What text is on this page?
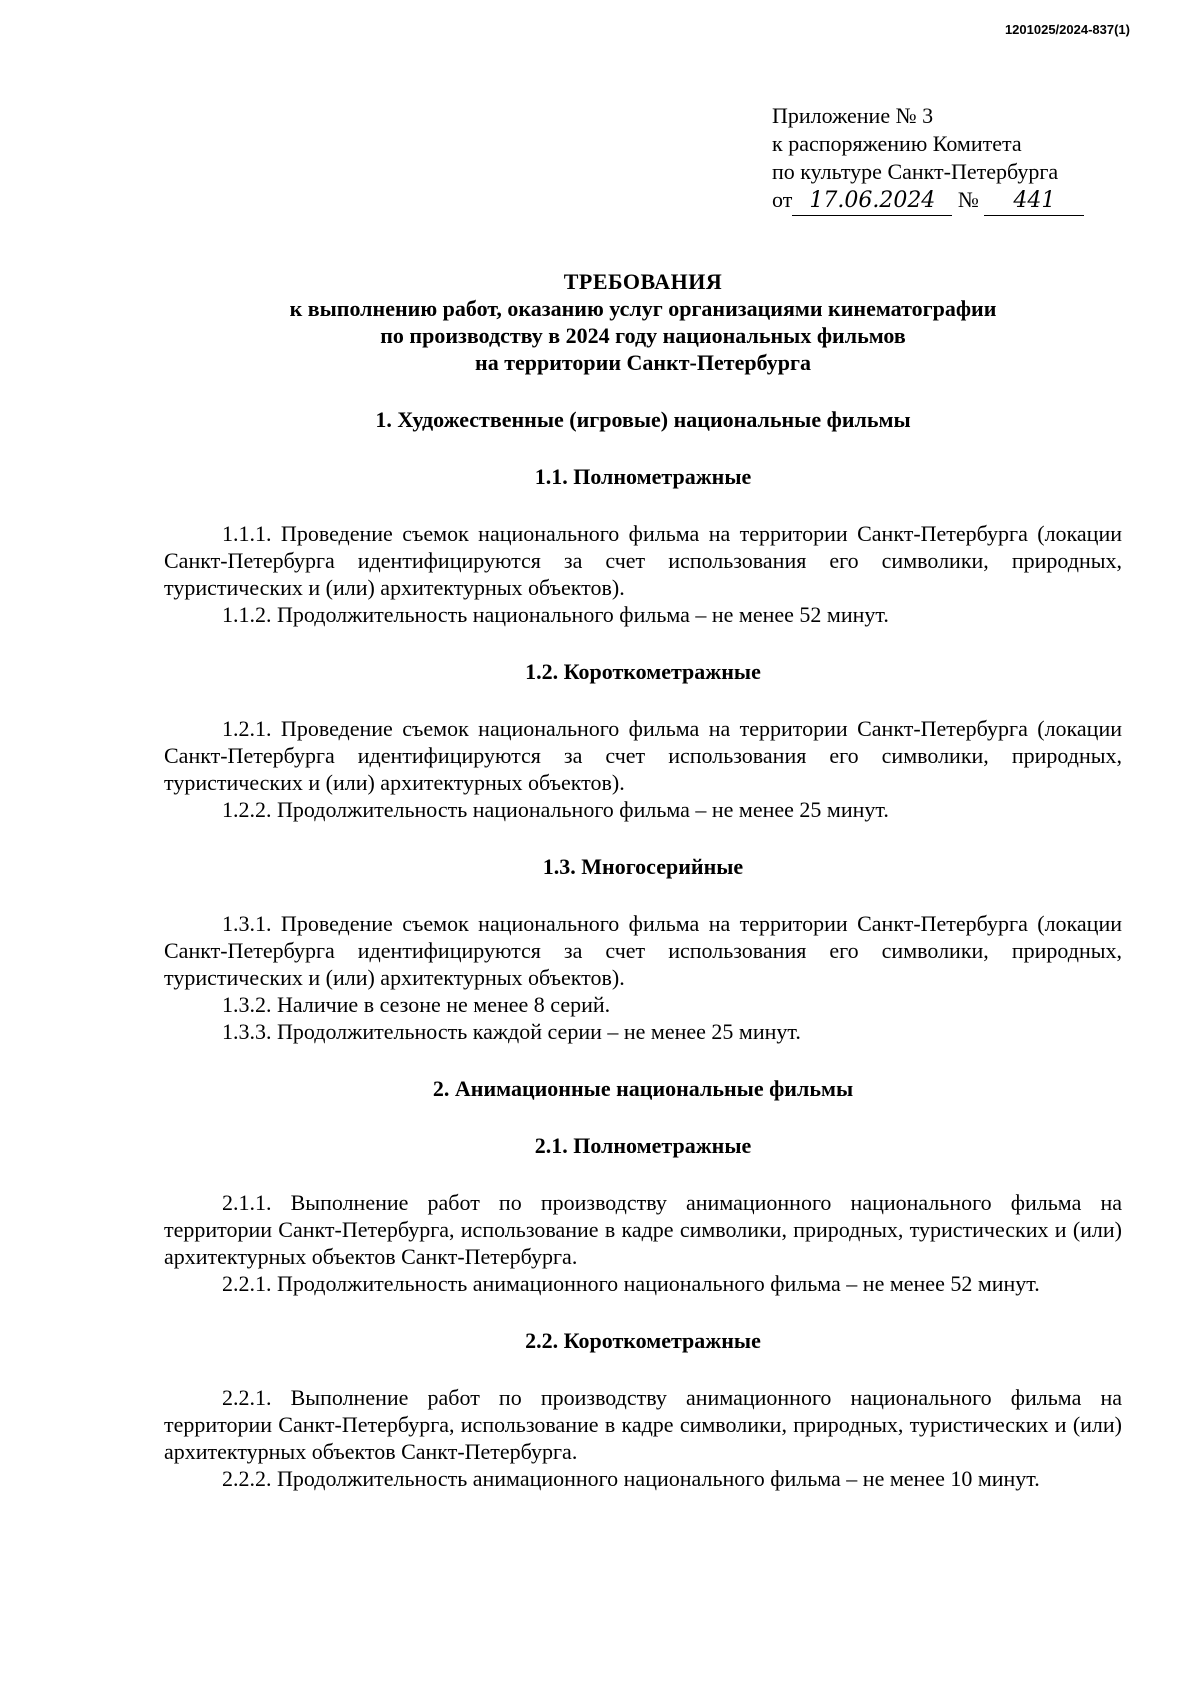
1201025/2024-837(1)
Приложение № 3
к распоряжению Комитета
по культуре Санкт-Петербурга
от 17.06.2024 № 441
ТРЕБОВАНИЯ
к выполнению работ, оказанию услуг организациями кинематографии
по производству в 2024 году национальных фильмов
на территории Санкт-Петербурга
1. Художественные (игровые) национальные фильмы
1.1. Полнометражные

1.1.1. Проведение съемок национального фильма на территории Санкт-Петербурга (локации Санкт-Петербурга идентифицируются за счет использования его символики, природных, туристических и (или) архитектурных объектов).

1.1.2. Продолжительность национального фильма – не менее 52 минут.

1.2. Короткометражные

1.2.1. Проведение съемок национального фильма на территории Санкт-Петербурга (локации Санкт-Петербурга идентифицируются за счет использования его символики, природных, туристических и (или) архитектурных объектов).

1.2.2. Продолжительность национального фильма – не менее 25 минут.

1.3. Многосерийные

1.3.1. Проведение съемок национального фильма на территории Санкт-Петербурга (локации Санкт-Петербурга идентифицируются за счет использования его символики, природных, туристических и (или) архитектурных объектов).

1.3.2. Наличие в сезоне не менее 8 серий.

1.3.3. Продолжительность каждой серии – не менее 25 минут.

2. Анимационные национальные фильмы
2.1. Полнометражные

2.1.1. Выполнение работ по производству анимационного национального фильма на территории Санкт-Петербурга, использование в кадре символики, природных, туристических и (или) архитектурных объектов Санкт-Петербурга.

2.2.1. Продолжительность анимационного национального фильма – не менее 52 минут.

2.2. Короткометражные

2.2.1. Выполнение работ по производству анимационного национального фильма на территории Санкт-Петербурга, использование в кадре символики, природных, туристических и (или) архитектурных объектов Санкт-Петербурга.

2.2.2. Продолжительность анимационного национального фильма – не менее 10 минут.
